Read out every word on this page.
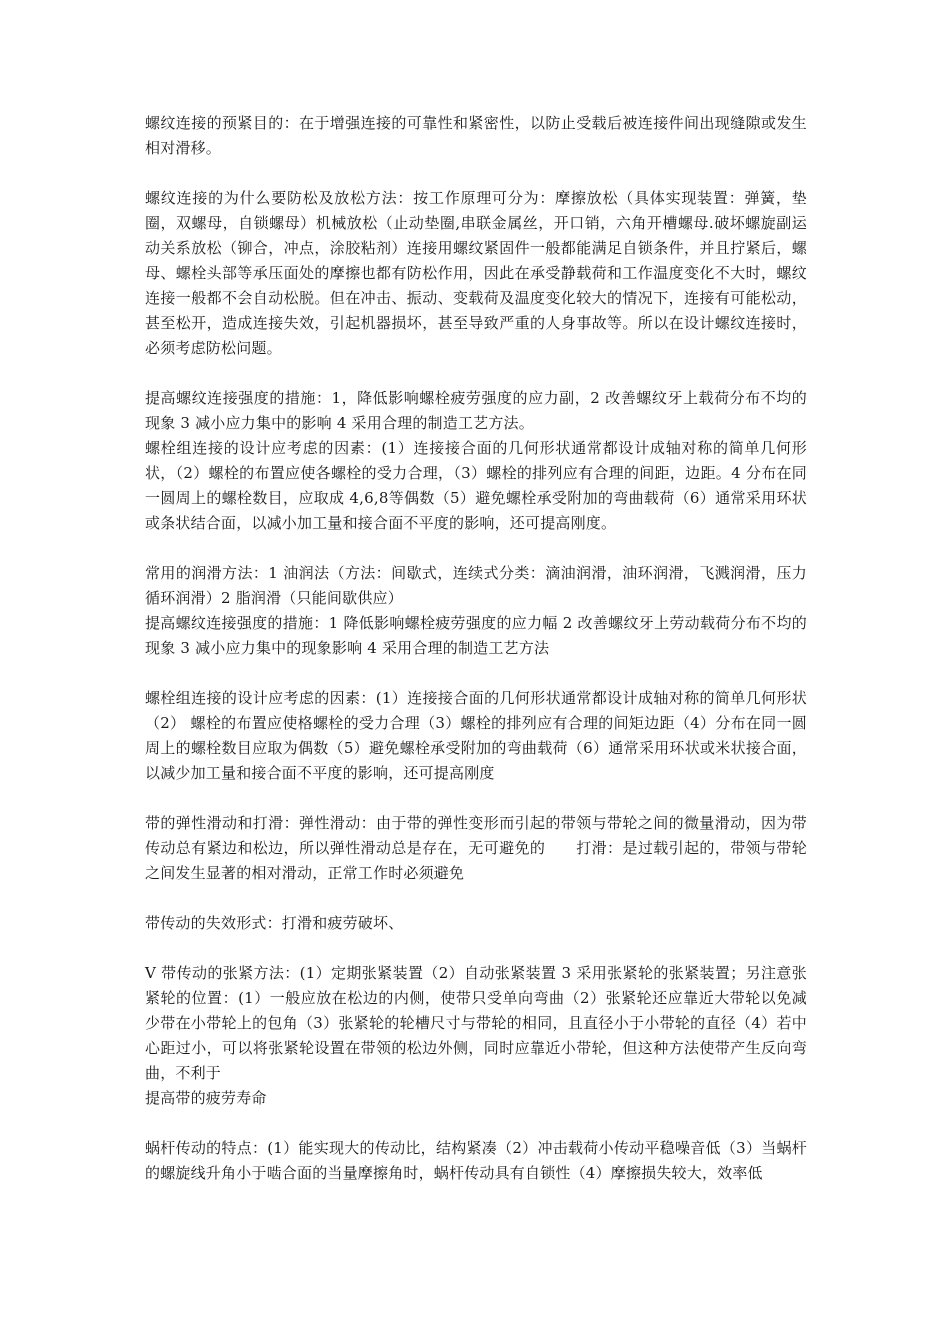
螺纹连接的预紧目的：在于增强连接的可靠性和紧密性，以防止受载后被连接件间出现缝隙或发生相对滑移。

螺纹连接的为什么要防松及放松方法：按工作原理可分为：摩擦放松（具体实现装置：弹簧，垫圈，双螺母，自锁螺母）机械放松（止动垫圈,串联金属丝，开口销，六角开槽螺母.破坏螺旋副运动关系放松（铆合，冲点，涂胶粘剂）连接用螺纹紧固件一般都能满足自锁条件，并且拧紧后，螺母、螺栓头部等承压面处的摩擦也都有防松作用，因此在承受静载荷和工作温度变化不大时，螺纹连接一般都不会自动松脱。但在冲击、振动、变载荷及温度变化较大的情况下，连接有可能松动，甚至松开，造成连接失效，引起机器损坏，甚至导致严重的人身事故等。所以在设计螺纹连接时，必须考虑防松问题。

提高螺纹连接强度的措施：1，降低影响螺栓疲劳强度的应力副，2 改善螺纹牙上载荷分布不均的现象 3 减小应力集中的影响 4 采用合理的制造工艺方法。

螺栓组连接的设计应考虑的因素：(1）连接接合面的几何形状通常都设计成轴对称的简单几何形状，（2）螺栓的布置应使各螺栓的受力合理，（3）螺栓的排列应有合理的间距，边距。4 分布在同一圆周上的螺栓数目，应取成 4,6,8等偶数（5）避免螺栓承受附加的弯曲载荷（6）通常采用环状或条状结合面，以减小加工量和接合面不平度的影响，还可提高刚度。

常用的润滑方法：1 油润法（方法：间歇式，连续式分类：滴油润滑，油环润滑，飞溅润滑，压力循环润滑）2 脂润滑（只能间歇供应）

提高螺纹连接强度的措施：1 降低影响螺栓疲劳强度的应力幅 2 改善螺纹牙上劳动载荷分布不均的现象 3 减小应力集中的现象影响 4 采用合理的制造工艺方法

螺栓组连接的设计应考虑的因素：(1）连接接合面的几何形状通常都设计成轴对称的简单几何形状（2） 螺栓的布置应使格螺栓的受力合理（3）螺栓的排列应有合理的间矩边距（4）分布在同一圆周上的螺栓数目应取为偶数（5）避免螺栓承受附加的弯曲载荷（6）通常采用环状或米状接合面，以减少加工量和接合面不平度的影响，还可提高刚度

带的弹性滑动和打滑：弹性滑动：由于带的弹性变形而引起的带领与带轮之间的微量滑动，因为带传动总有紧边和松边，所以弹性滑动总是存在，无可避免的      打滑：是过载引起的，带领与带轮之间发生显著的相对滑动，正常工作时必须避免

带传动的失效形式：打滑和疲劳破坏、

V 带传动的张紧方法：(1）定期张紧装置（2）自动张紧装置 3 采用张紧轮的张紧装置；另注意张紧轮的位置：(1）一般应放在松边的内侧，使带只受单向弯曲（2）张紧轮还应靠近大带轮以免减少带在小带轮上的包角（3）张紧轮的轮槽尺寸与带轮的相同，且直径小于小带轮的直径（4）若中心距过小，可以将张紧轮设置在带领的松边外侧，同时应靠近小带轮，但这种方法使带产生反向弯曲，不利于

提高带的疲劳寿命

蜗杆传动的特点：(1）能实现大的传动比，结构紧凑（2）冲击载荷小传动平稳噪音低（3）当蜗杆的螺旋线升角小于啮合面的当量摩擦角时，蜗杆传动具有自锁性（4）摩擦损失较大，效率低
